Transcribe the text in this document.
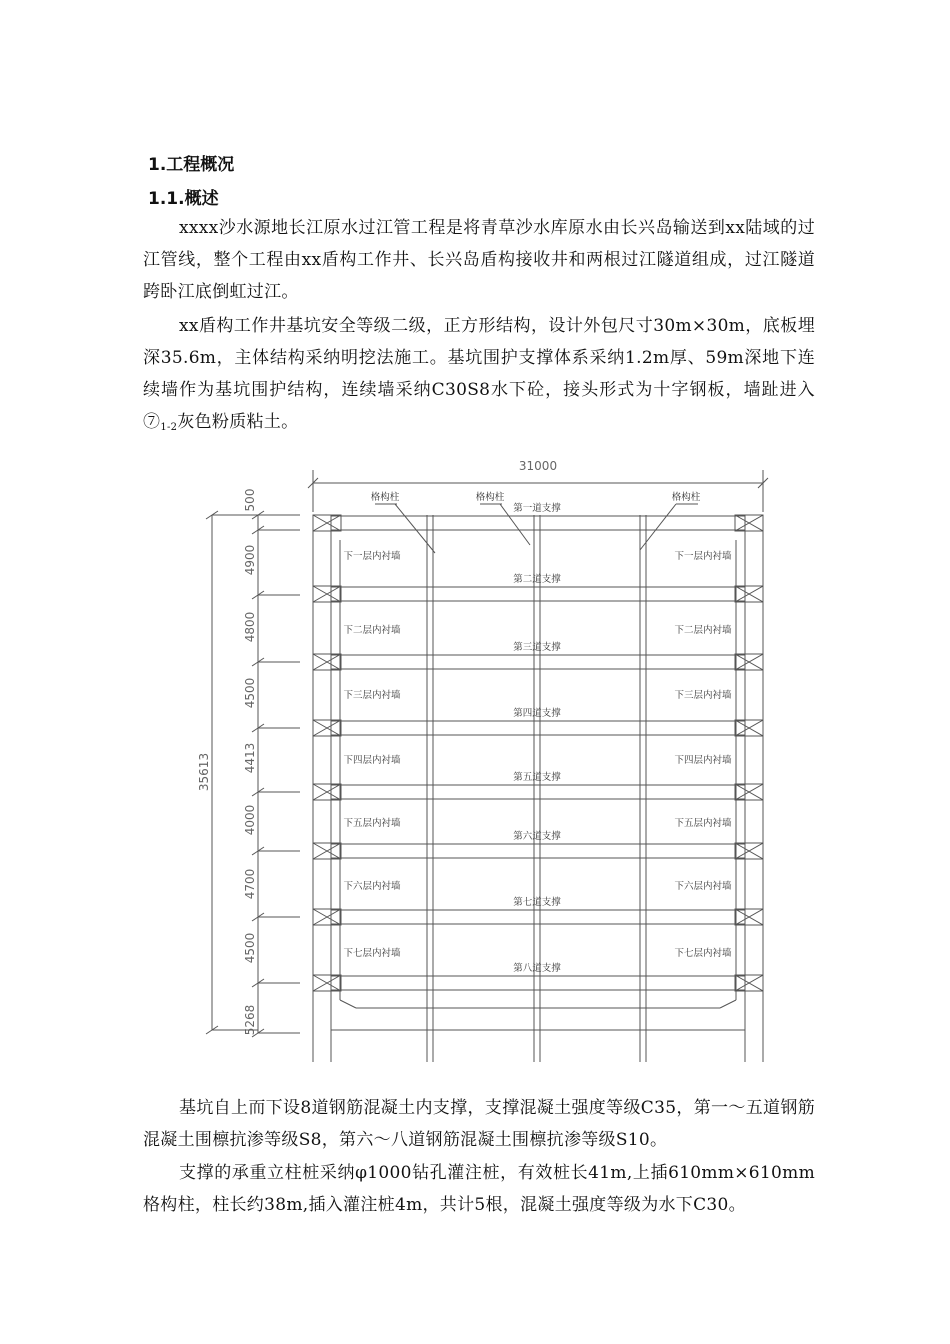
1.工程概况
1.1.概述
xxxx沙水源地长江原水过江管工程是将青草沙水库原水由长兴岛输送到xx陆域的过江管线，整个工程由xx盾构工作井、长兴岛盾构接收井和两根过江隧道组成，过江隧道跨卧江底倒虹过江。
xx盾构工作井基坑安全等级二级，正方形结构，设计外包尺寸30m×30m，底板埋深35.6m，主体结构采纳明挖法施工。基坑围护支撑体系采纳1.2m厚、59m深地下连续墙作为基坑围护结构，连续墙采纳C30S8水下砼，接头形式为十字钢板，墙趾进入$⑦_{1-2}$灰色粉质粘土。
31000
第一道支撑
第二道支撑
第三道支撑
第四道支撑
第五道支撑
第六道支撑
第七道支撑
第八道支撑
下一层内衬墙	下一层内衬墙
下二层内衬墙	下二层内衬墙
下三层内衬墙	下三层内衬墙
下四层内衬墙	下四层内衬墙
下五层内衬墙	下五层内衬墙
下六层内衬墙	下六层内衬墙
下七层内衬墙	下七层内衬墙
格构柱	格构柱	格构柱
500
4900
4800
4500
4413
4000
4700
4500
5268
35613
基坑自上而下设8道钢筋混凝土内支撑，支撑混凝土强度等级C35，第一～五道钢筋混凝土围檩抗渗等级S8，第六～八道钢筋混凝土围檩抗渗等级S10。
支撑的承重立柱桩采纳φ1000钻孔灌注桩，有效桩长41m,上插610mm×610mm格构柱，柱长约38m,插入灌注桩4m，共计5根，混凝土强度等级为水下C30。
